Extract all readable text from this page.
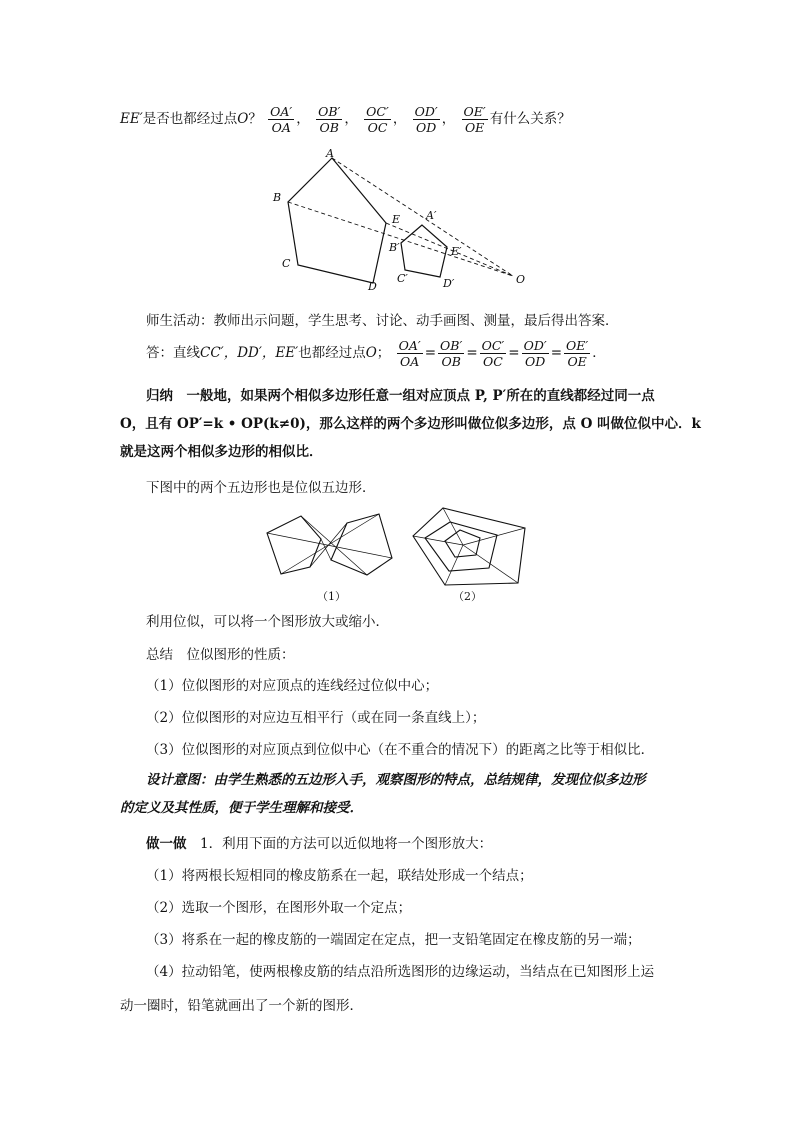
EE′是否也都经过点O？ $\frac{OA'}{OA}$ ， $\frac{OB'}{OB}$ ， $\frac{OC'}{OC}$ ， $\frac{OD'}{OD}$ ， $\frac{OE'}{OE}$ 有什么关系？
A
B
C
D
E A′
B′
C′	D′
E′
O
师生活动：教师出示问题，学生思考、讨论、动手画图、测量，最后得出答案．
答：直线CC′，DD′，EE′也都经过点O； $\frac{OA'}{OA} = \frac{OB'}{OB} = \frac{OC'}{OC} = \frac{OD'}{OD} = \frac{OE'}{OE}$ ．
归纳　 一般地，如果两个相似多边形任意一组对应顶点 P, P′所在的直线都经过同一点
O，且有 OP′=k • OP(k≠0)，那么这样的两个多边形叫做位似多边形，点 O 叫做位似中心．k
就是这两个相似多边形的相似比．
下图中的两个五边形也是位似五边形．
（1）	（2）
利用位似，可以将一个图形放大或缩小．
总结　位似图形的性质：
（1）位似图形的对应顶点的连线经过位似中心；
（2）位似图形的对应边互相平行（或在同一条直线上）；
（3）位似图形的对应顶点到位似中心（在不重合的情况下）的距离之比等于相似比．
设计意图：由学生熟悉的五边形入手，观察图形的特点，总结规律，发现位似多边形
的定义及其性质，便于学生理解和接受．
做一做　 1．利用下面的方法可以近似地将一个图形放大：
（1）将两根长短相同的橡皮筋系在一起，联结处形成一个结点；
（2）选取一个图形，在图形外取一个定点；
（3）将系在一起的橡皮筋的一端固定在定点，把一支铅笔固定在橡皮筋的另一端；
（4）拉动铅笔，使两根橡皮筋的结点沿所选图形的边缘运动，当结点在已知图形上运
动一圈时，铅笔就画出了一个新的图形．
